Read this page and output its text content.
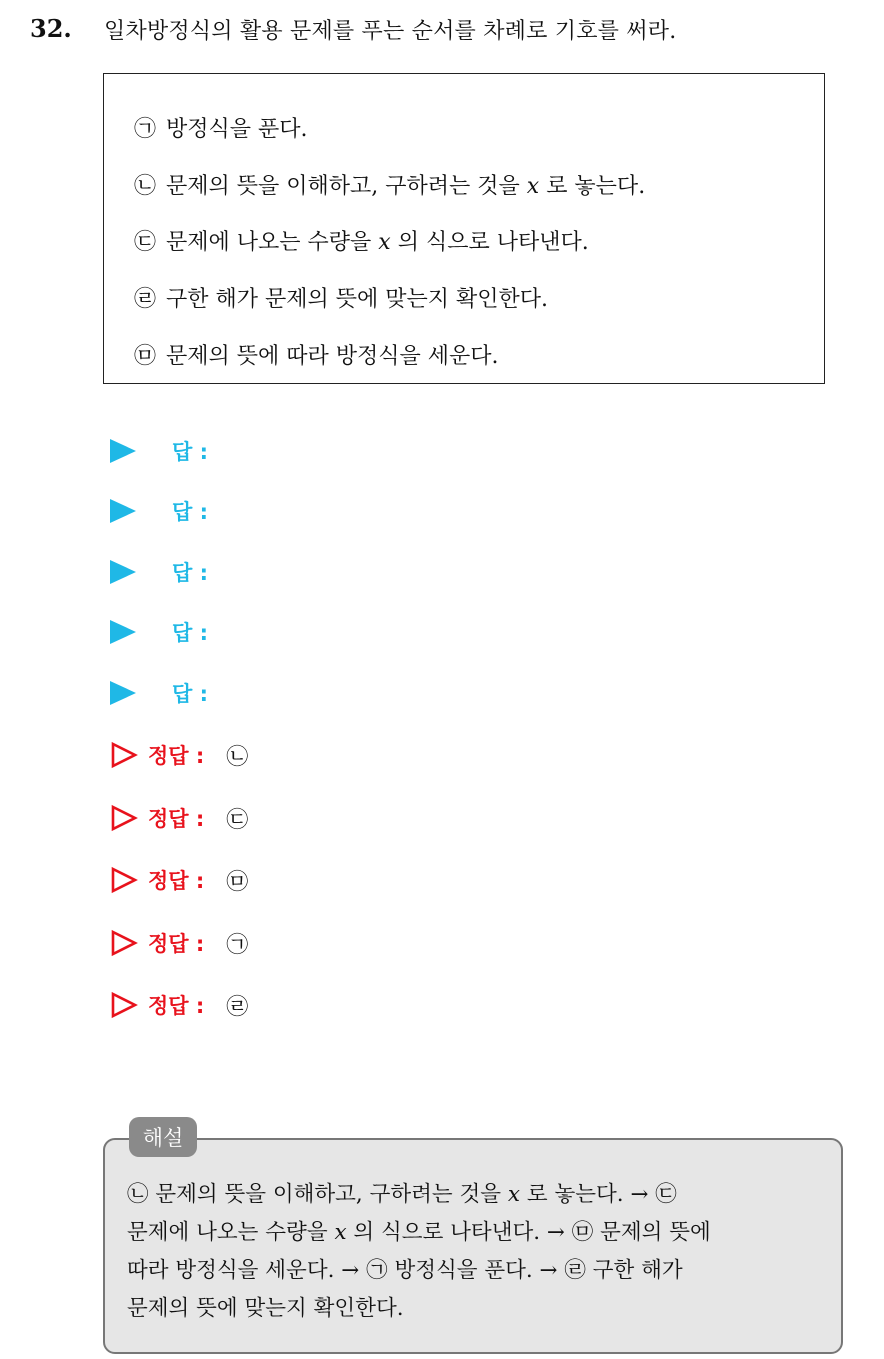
32. 일차방정식의 활용 문제를 푸는 순서를 차례로 기호를 써라.
㉠ 방정식을 푼다.
㉡ 문제의 뜻을 이해하고, 구하려는 것을 x 로 놓는다.
㉢ 문제에 나오는 수량을 x 의 식으로 나타낸다.
㉣ 구한 해가 문제의 뜻에 맞는지 확인한다.
㉤ 문제의 뜻에 따라 방정식을 세운다.
답 :
답 :
답 :
답 :
답 :
정답 : ㉡
정답 : ㉢
정답 : ㉤
정답 : ㉠
정답 : ㉣
해설
㉡ 문제의 뜻을 이해하고, 구하려는 것을 x 로 놓는다. → ㉢
문제에 나오는 수량을 x 의 식으로 나타낸다. → ㉤ 문제의 뜻에
따라 방정식을 세운다. → ㉠ 방정식을 푼다. → ㉣ 구한 해가
문제의 뜻에 맞는지 확인한다.
